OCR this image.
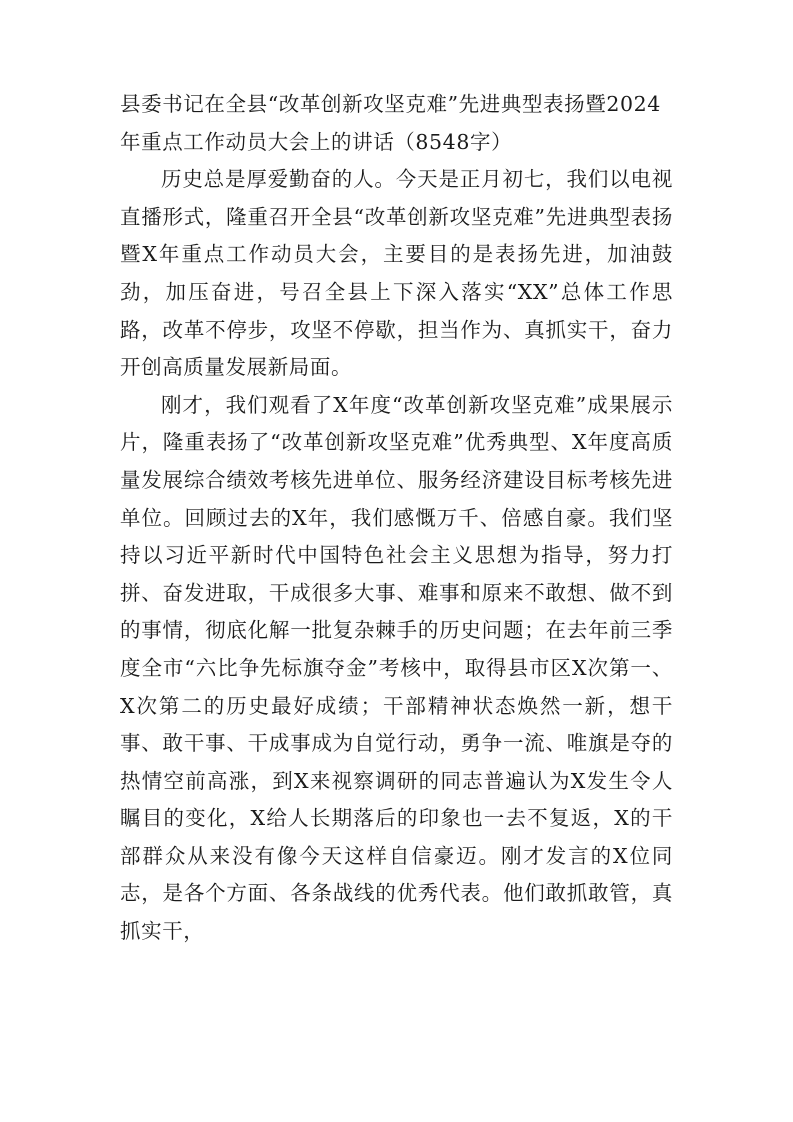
县委书记在全县“改革创新攻坚克难”先进典型表扬暨2024年重点工作动员大会上的讲话（8548字）

历史总是厚爱勤奋的人。今天是正月初七，我们以电视直播形式，隆重召开全县“改革创新攻坚克难”先进典型表扬暨X年重点工作动员大会，主要目的是表扬先进，加油鼓劲，加压奋进，号召全县上下深入落实“XX”总体工作思路，改革不停步，攻坚不停歇，担当作为、真抓实干，奋力开创高质量发展新局面。

刚才，我们观看了X年度“改革创新攻坚克难”成果展示片，隆重表扬了“改革创新攻坚克难”优秀典型、X年度高质量发展综合绩效考核先进单位、服务经济建设目标考核先进单位。回顾过去的X年，我们感慨万千、倍感自豪。我们坚持以习近平新时代中国特色社会主义思想为指导，努力打拼、奋发进取，干成很多大事、难事和原来不敢想、做不到的事情，彻底化解一批复杂棘手的历史问题；在去年前三季度全市“六比争先标旗夺金”考核中，取得县市区X次第一、X次第二的历史最好成绩；干部精神状态焕然一新，想干事、敢干事、干成事成为自觉行动，勇争一流、唯旗是夺的热情空前高涨，到X来视察调研的同志普遍认为X发生令人瞩目的变化，X给人长期落后的印象也一去不复返，X的干部群众从来没有像今天这样自信豪迈。刚才发言的X位同志，是各个方面、各条战线的优秀代表。他们敢抓敢管，真抓实干，
